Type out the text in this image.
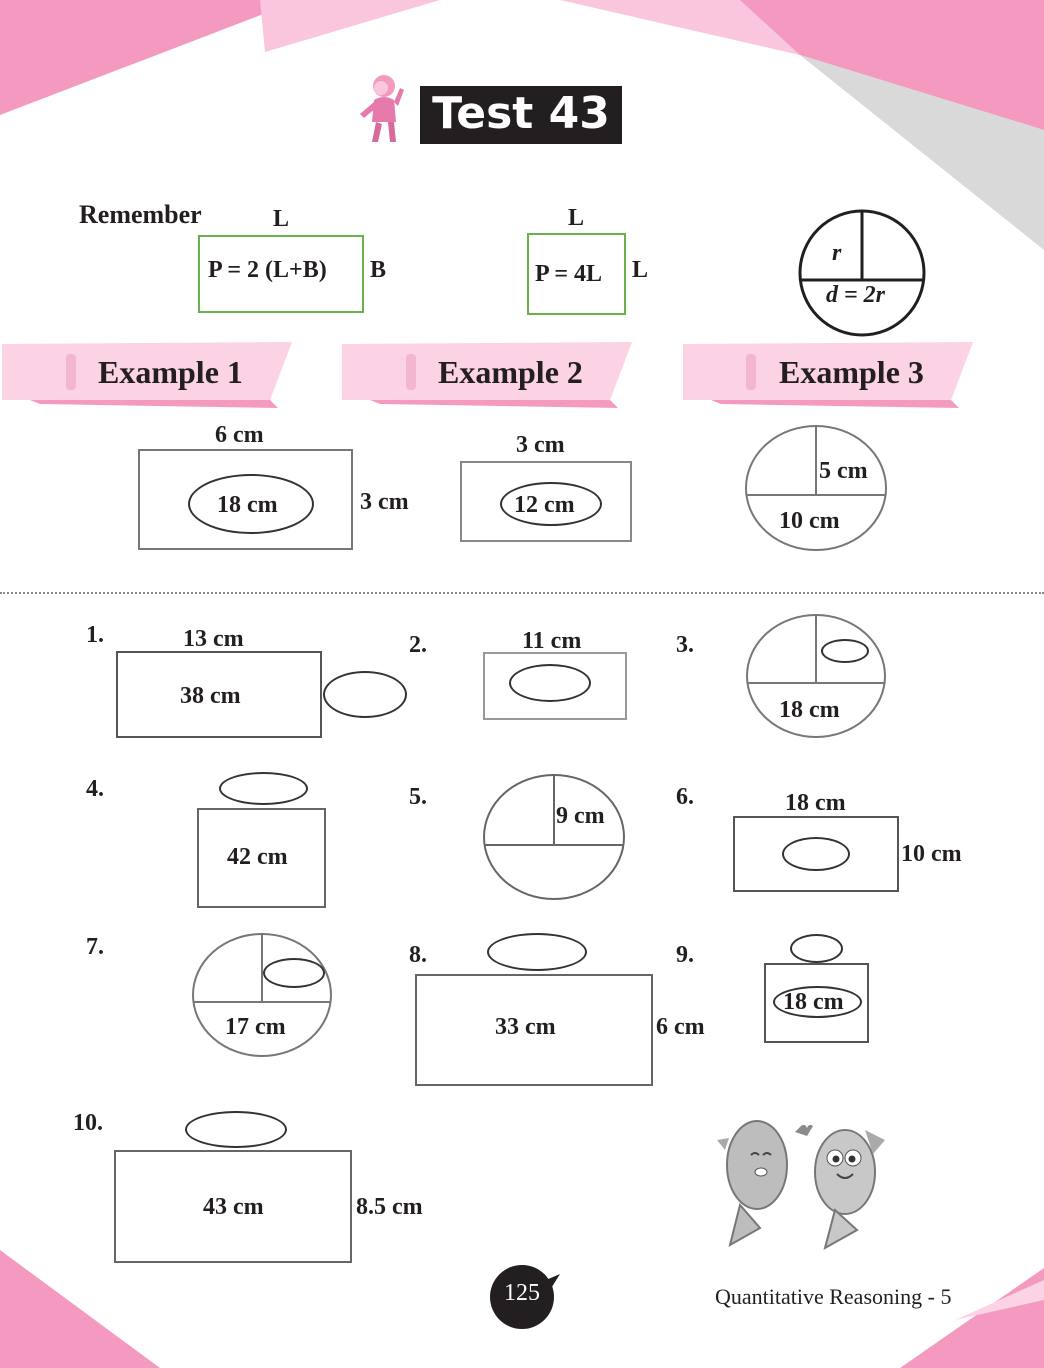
Test 43
Remember	L
P = 2 (L+B) B
L
P = 4L L
r
d = 2r
Example 1	Example 2	Example 3
6 cm
18 cm	3 cm
3 cm
12 cm
5 cm
10 cm
1.	13 cm
38 cm
2.	11 cm	3.
18 cm
4.
42 cm
5.
9 cm
6.	18 cm
10 cm
7.
17 cm
8.
33 cm	6 cm
9.
18 cm
10.
43 cm	8.5 cm
125	Quantitative Reasoning - 5
